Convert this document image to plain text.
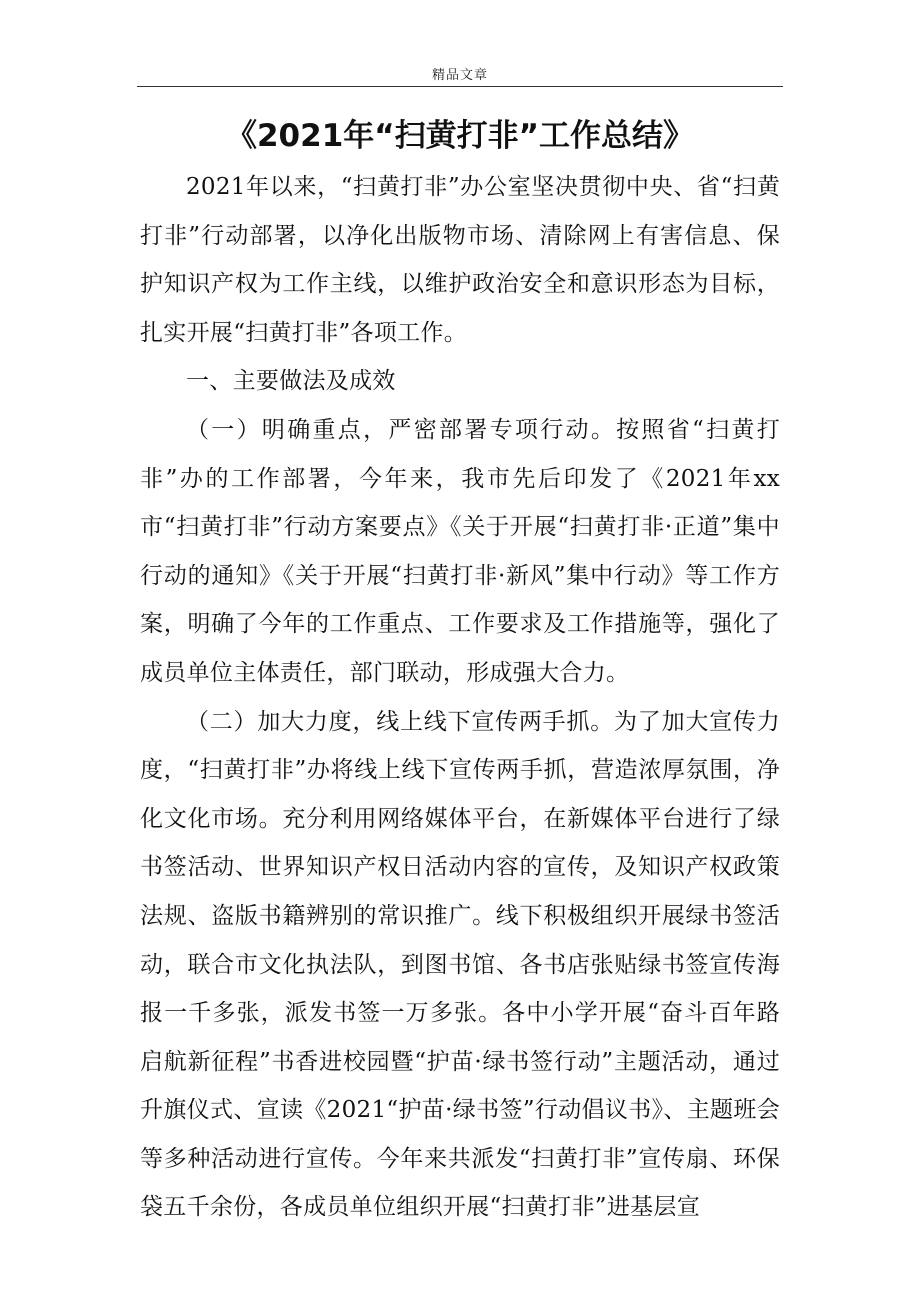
精品文章
《2021年“扫黄打非”工作总结》

2021年以来，“扫黄打非”办公室坚决贯彻中央、省“扫黄打非”行动部署，以净化出版物市场、清除网上有害信息、保护知识产权为工作主线，以维护政治安全和意识形态为目标，扎实开展“扫黄打非”各项工作。

一、主要做法及成效

（一）明确重点，严密部署专项行动。按照省“扫黄打非”办的工作部署，今年来，我市先后印发了《2021年xx市“扫黄打非”行动方案要点》《关于开展“扫黄打非·正道”集中行动的通知》《关于开展“扫黄打非·新风”集中行动》等工作方案，明确了今年的工作重点、工作要求及工作措施等，强化了成员单位主体责任，部门联动，形成强大合力。

（二）加大力度，线上线下宣传两手抓。为了加大宣传力度，“扫黄打非”办将线上线下宣传两手抓，营造浓厚氛围，净化文化市场。充分利用网络媒体平台，在新媒体平台进行了绿书签活动、世界知识产权日活动内容的宣传，及知识产权政策法规、盗版书籍辨别的常识推广。线下积极组织开展绿书签活动，联合市文化执法队，到图书馆、各书店张贴绿书签宣传海报一千多张，派发书签一万多张。各中小学开展“奋斗百年路启航新征程”书香进校园暨“护苗·绿书签行动”主题活动，通过升旗仪式、宣读《2021“护苗·绿书签”行动倡议书》、主题班会等多种活动进行宣传。今年来共派发“扫黄打非”宣传扇、环保袋五千余份，各成员单位组织开展“扫黄打非”进基层宣
